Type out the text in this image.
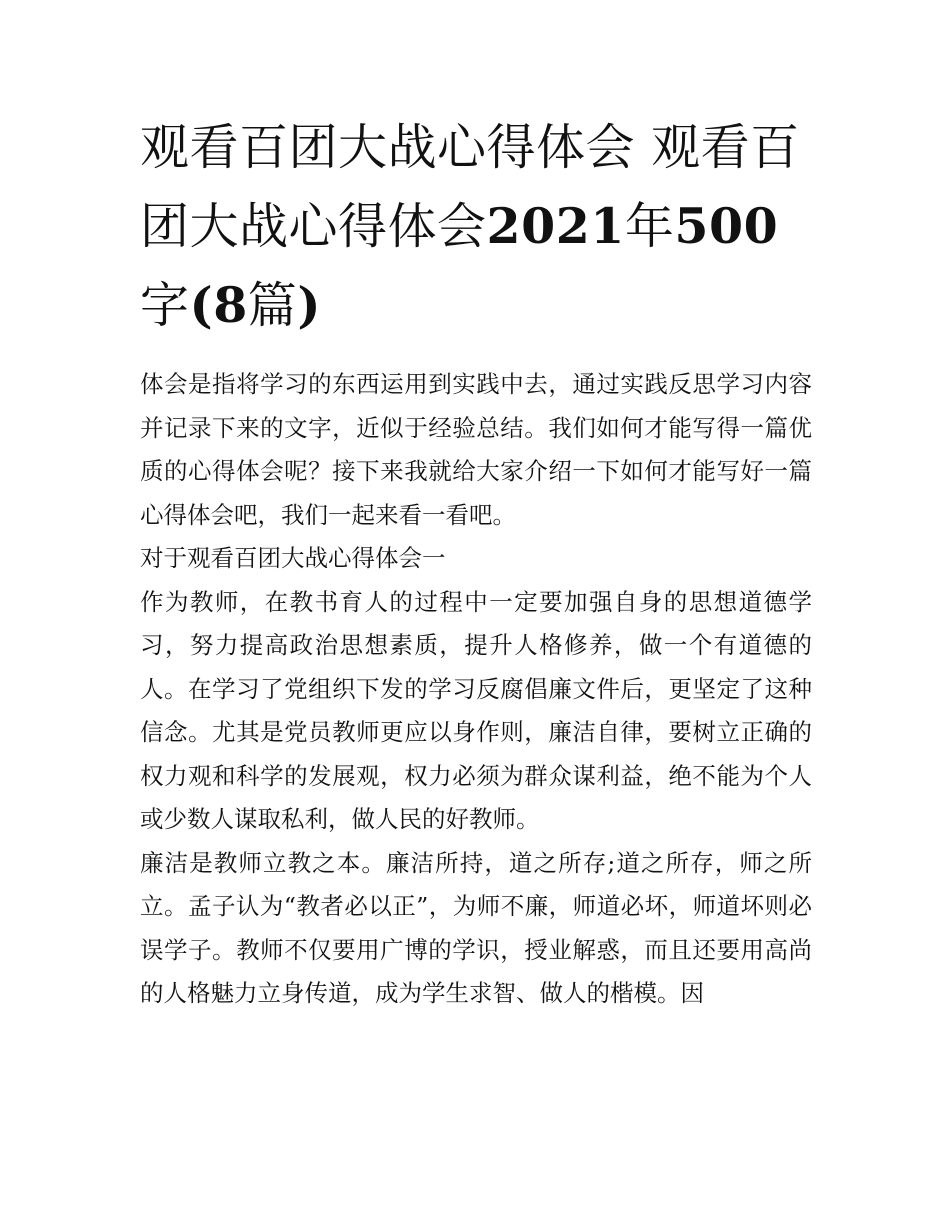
观看百团大战心得体会 观看百团大战心得体会2021年500字(8篇)

体会是指将学习的东西运用到实践中去，通过实践反思学习内容并记录下来的文字，近似于经验总结。我们如何才能写得一篇优质的心得体会呢？接下来我就给大家介绍一下如何才能写好一篇心得体会吧，我们一起来看一看吧。

对于观看百团大战心得体会一

作为教师，在教书育人的过程中一定要加强自身的思想道德学习，努力提高政治思想素质，提升人格修养，做一个有道德的人。在学习了党组织下发的学习反腐倡廉文件后，更坚定了这种信念。尤其是党员教师更应以身作则，廉洁自律，要树立正确的权力观和科学的发展观，权力必须为群众谋利益，绝不能为个人或少数人谋取私利，做人民的好教师。

廉洁是教师立教之本。廉洁所持，道之所存;道之所存，师之所立。孟子认为“教者必以正”，为师不廉，师道必坏，师道坏则必误学子。教师不仅要用广博的学识，授业解惑，而且还要用高尚的人格魅力立身传道，成为学生求智、做人的楷模。因
